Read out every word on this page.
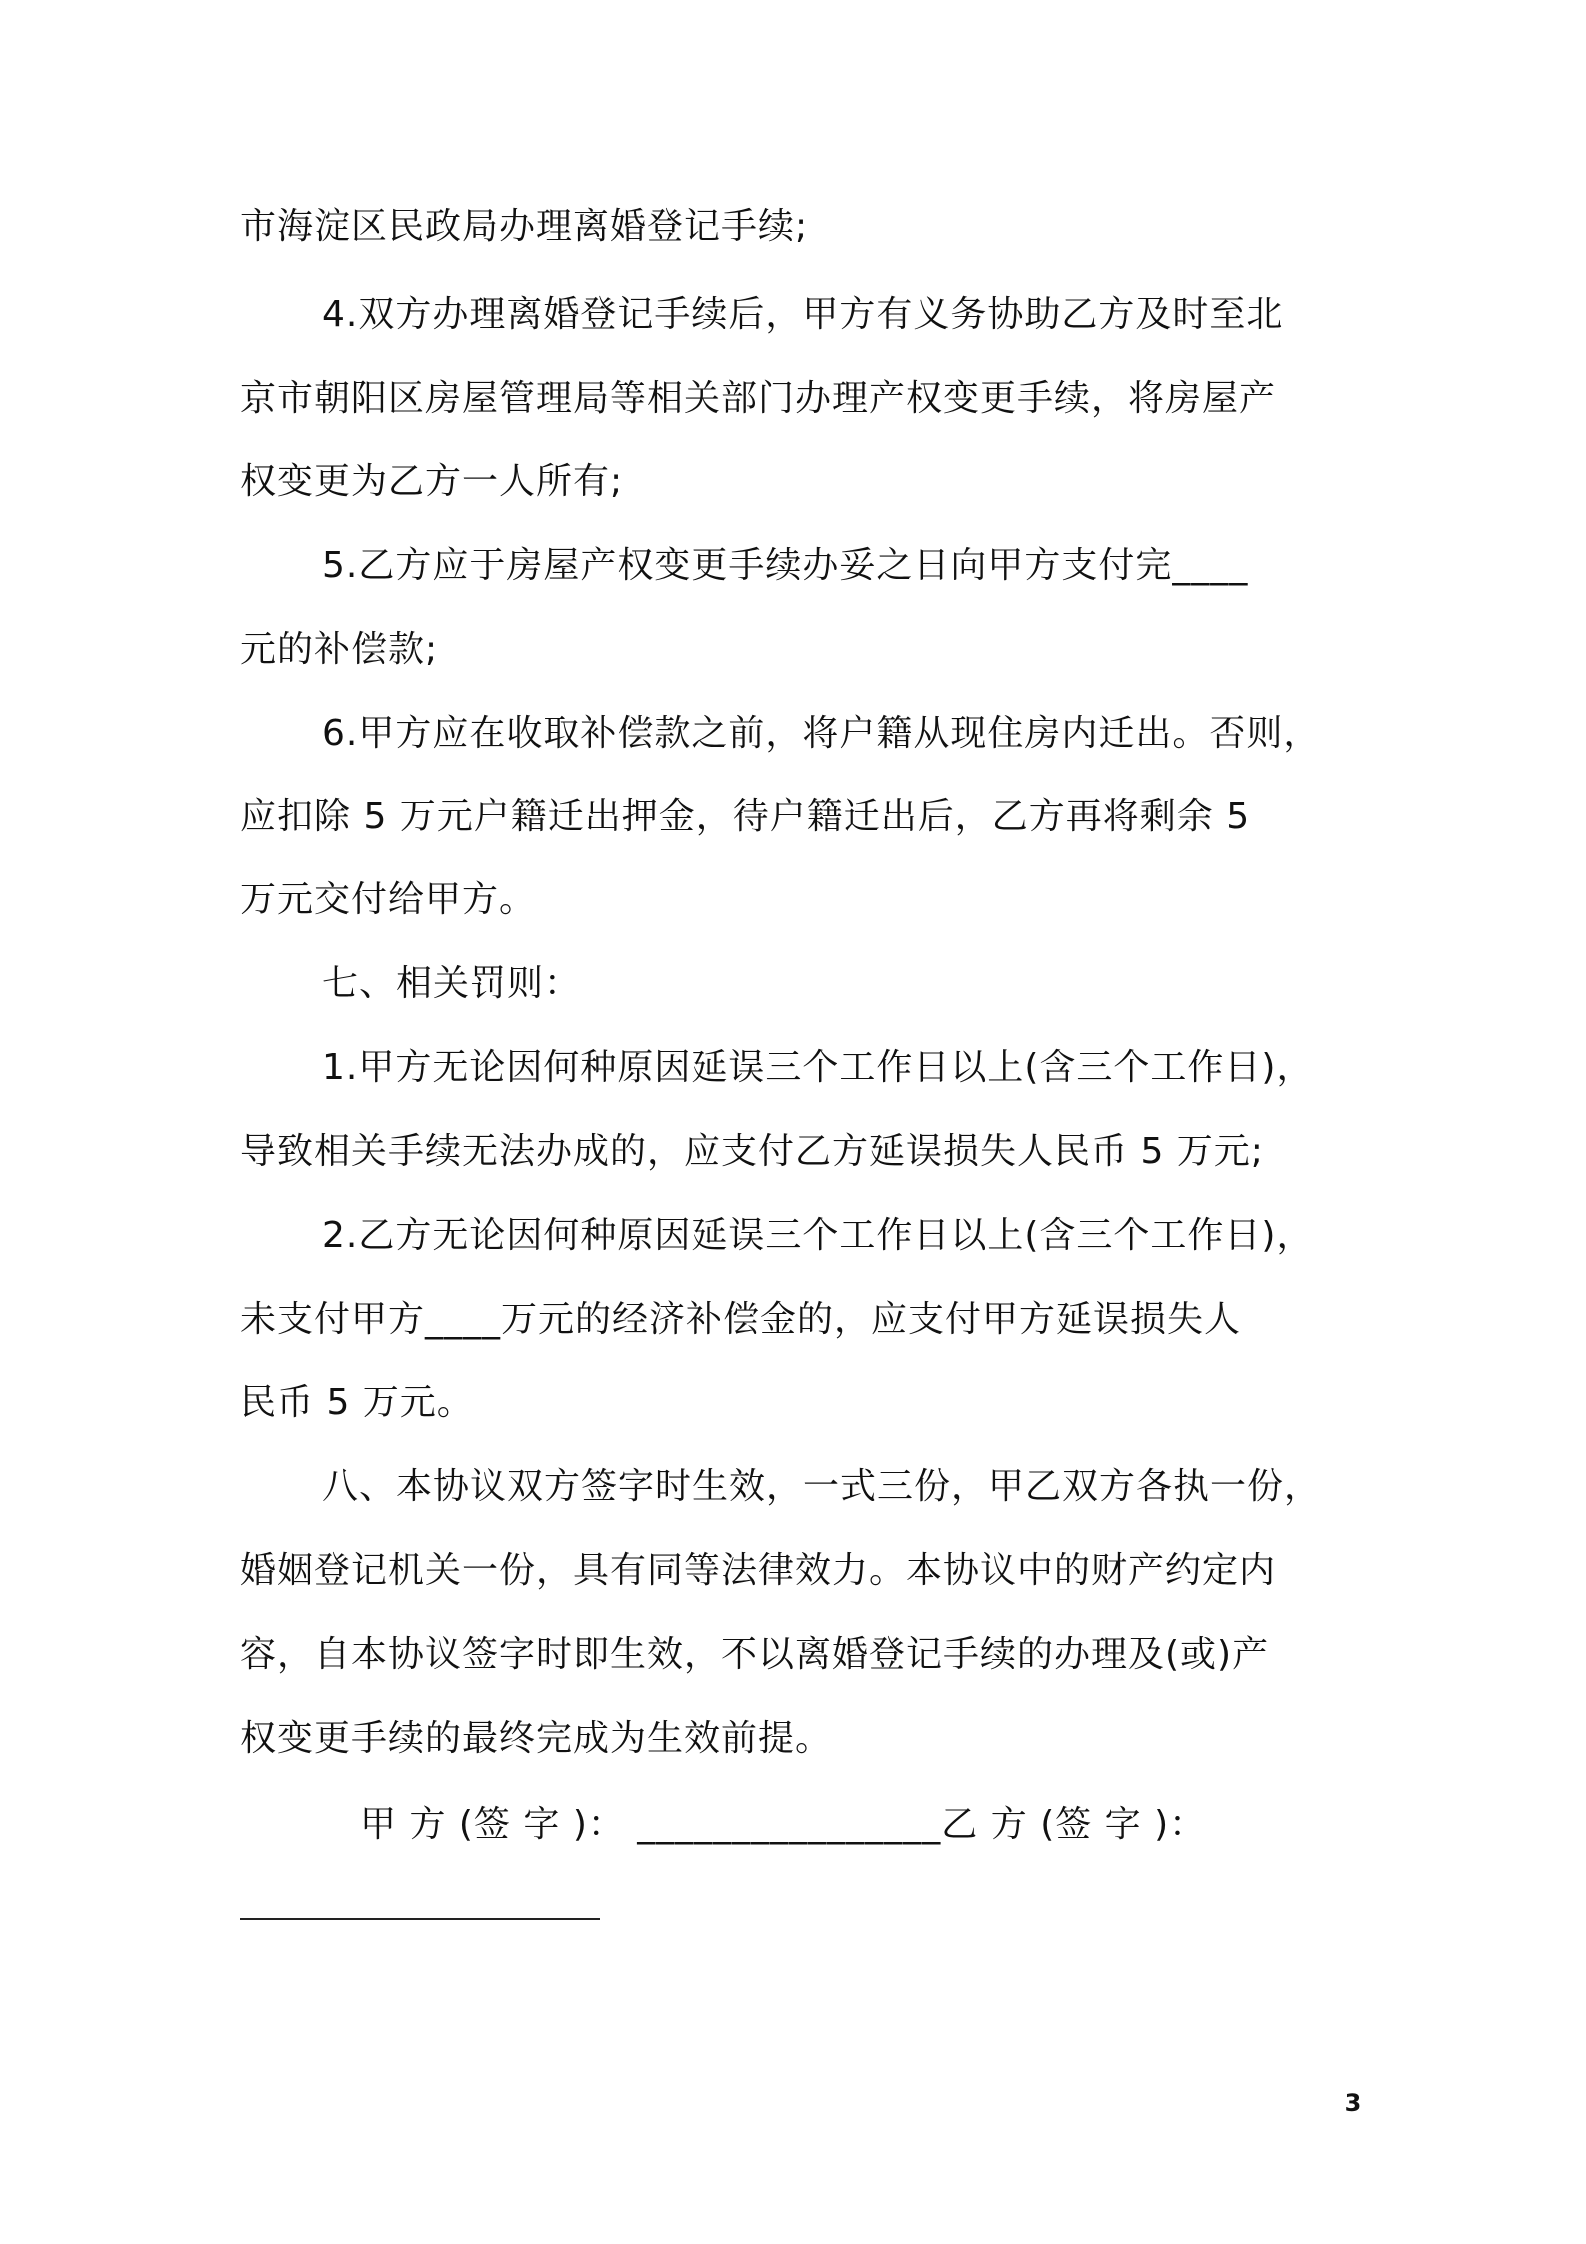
市海淀区民政局办理离婚登记手续;
4.双方办理离婚登记手续后，甲方有义务协助乙方及时至北
京市朝阳区房屋管理局等相关部门办理产权变更手续，将房屋产
权变更为乙方一人所有;
5.乙方应于房屋产权变更手续办妥之日向甲方支付完____
元的补偿款;
6.甲方应在收取补偿款之前，将户籍从现住房内迁出。否则，
应扣除 5 万元户籍迁出押金，待户籍迁出后，乙方再将剩余 5
万元交付给甲方。
七、相关罚则：
1.甲方无论因何种原因延误三个工作日以上(含三个工作日)，
导致相关手续无法办成的，应支付乙方延误损失人民币 5 万元;
2.乙方无论因何种原因延误三个工作日以上(含三个工作日)，
未支付甲方____万元的经济补偿金的，应支付甲方延误损失人
民币 5 万元。
八、本协议双方签字时生效，一式三份，甲乙双方各执一份，
婚姻登记机关一份，具有同等法律效力。本协议中的财产约定内
容，自本协议签字时即生效，不以离婚登记手续的办理及(或)产
权变更手续的最终完成为生效前提。
甲 方 (签 字 )： ________________乙 方 (签 字 )：
3
